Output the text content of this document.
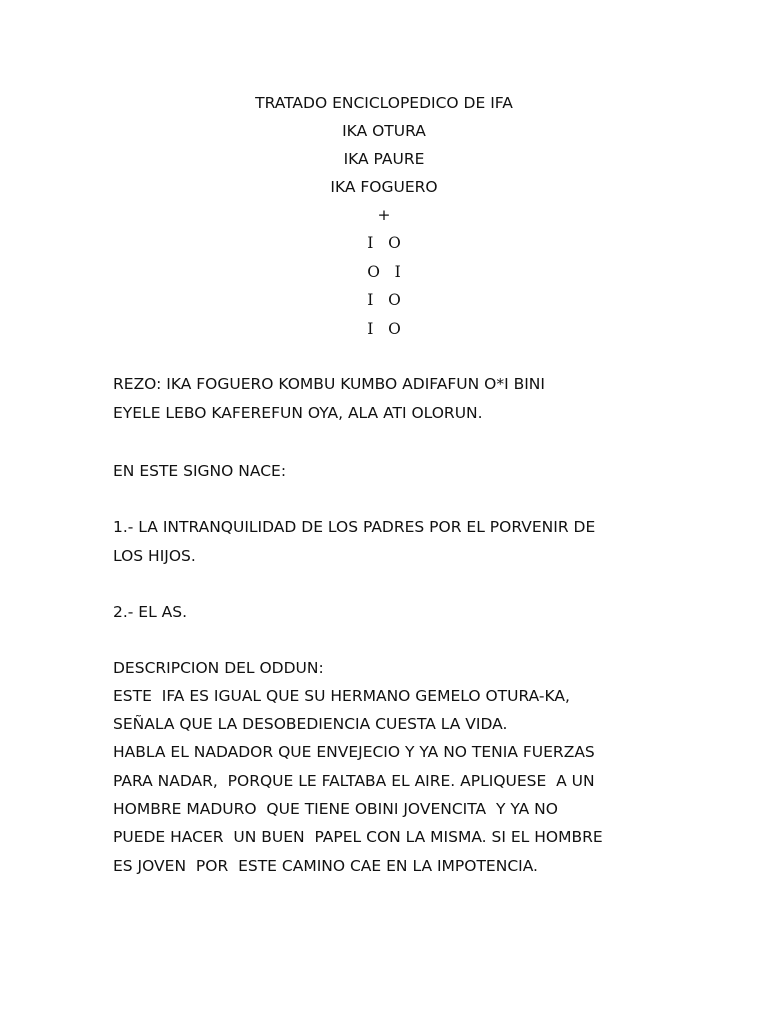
TRATADO ENCICLOPEDICO DE IFA
IKA OTURA
IKA PAURE
IKA FOGUERO
+
I   O
O   I
I   O
I   O
REZO: IKA FOGUERO KOMBU KUMBO ADIFAFUN O*I BINI
EYELE LEBO KAFEREFUN OYA, ALA ATI OLORUN.
EN ESTE SIGNO NACE:
1.- LA INTRANQUILIDAD DE LOS PADRES POR EL PORVENIR DE
LOS HIJOS.
2.- EL AS.
DESCRIPCION DEL ODDUN:
ESTE  IFA ES IGUAL QUE SU HERMANO GEMELO OTURA-KA,
SEÑALA QUE LA DESOBEDIENCIA CUESTA LA VIDA.
HABLA EL NADADOR QUE ENVEJECIO Y YA NO TENIA FUERZAS
PARA NADAR,  PORQUE LE FALTABA EL AIRE. APLIQUESE  A UN
HOMBRE MADURO  QUE TIENE OBINI JOVENCITA  Y YA NO
PUEDE HACER  UN BUEN  PAPEL CON LA MISMA. SI EL HOMBRE
ES JOVEN  POR  ESTE CAMINO CAE EN LA IMPOTENCIA.
